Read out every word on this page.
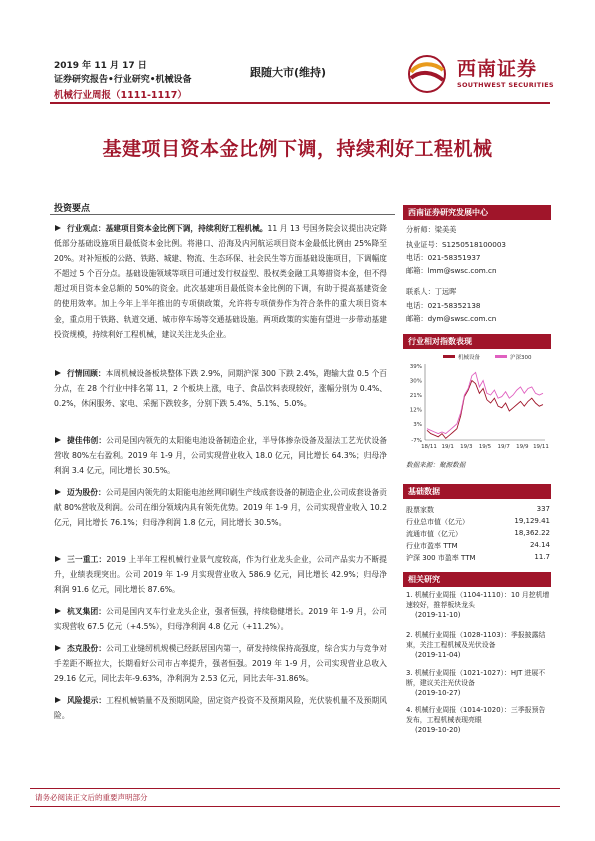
2019 年 11 月 17 日
证券研究报告•行业研究•机械设备
机械行业周报（1111-1117）
跟随大市(维持)	西南证券
SOUTHWEST SECURITIES
基建项目资本金比例下调，持续利好工程机械
投资要点
行业观点：基建项目资本金比例下调，持续利好工程机械。11 月 13 号国务院会议提出决定降低部分基础设施项目最低资本金比例。将港口、沿海及内河航运项目资本金最低比例由 25%降至 20%。对补短板的公路、铁路、城建、物流、生态环保、社会民生等方面基础设施项目，下调幅度不超过 5 个百分点。基础设施领域等项目可通过发行权益型、股权类金融工具筹措资本金，但不得超过项目资本金总额的 50%的资金。此次基建项目最低资本金比例的下调，有助于提高基建资金的使用效率。加上今年上半年推出的专项债政策，允许将专项债券作为符合条件的重大项目资本金，重点用于铁路、轨道交通、城市停车场等交通基础设施。两项政策的实施有望进一步带动基建投资规模，持续利好工程机械，建议关注龙头企业。
行情回顾：本周机械设备板块整体下跌 2.9%，同期沪深 300 下跌 2.4%，跑输大盘 0.5 个百分点，在 28 个行业中排名第 11，2 个板块上涨，电子、食品饮料表现较好，涨幅分别为 0.4%、0.2%，休闲服务、家电、采掘下跌较多，分别下跌 5.4%、5.1%、5.0%。
捷佳伟创：公司是国内领先的太阳能电池设备制造企业，半导体掺杂设备及湿法工艺光伏设备营收 80%左右盈利。2019 年 1-9 月，公司实现营业收入 18.0 亿元，同比增长 64.3%；归母净利润 3.4 亿元，同比增长 30.5%。
迈为股份：公司是国内领先的太阳能电池丝网印刷生产线成套设备的制造企业,公司成套设备贡献 80%营收及利润。公司在细分领域内具有领先优势。2019 年 1-9 月，公司实现营业收入 10.2 亿元，同比增长 76.1%；归母净利润 1.8 亿元，同比增长 30.5%。
三一重工：2019 上半年工程机械行业景气度较高，作为行业龙头企业，公司产品实力不断提升，业绩表现突出。公司 2019 年 1-9 月实现营业收入 586.9 亿元，同比增长 42.9%；归母净利润 91.6 亿元，同比增长 87.6%。
杭叉集团：公司是国内叉车行业龙头企业，强者恒强，持续稳健增长。2019 年 1-9 月，公司实现营收 67.5 亿元（+4.5%），归母净利润 4.8 亿元（+11.2%）。
杰克股份：公司工业缝纫机规模已经跃居国内第一，研发持续保持高强度，综合实力与竞争对手差距不断拉大，长期看好公司市占率提升，强者恒强。2019 年 1-9 月，公司实现营业总收入 29.16 亿元，同比去年-9.63%，净利润为 2.53 亿元，同比去年-31.86%。
风险提示：工程机械销量不及预期风险，固定资产投资不及预期风险，光伏装机量不及预期风险。
西南证券研究发展中心
分析师：梁美美
执业证号：S1250518100003
电话：021-58351937
邮箱：lmm@swsc.com.cn
联系人：丁远晖
电话：021-58352138
邮箱：dym@swsc.com.cn
行业相对指数表现
机械设备	沪深300
39%
30%
21%
12%
3%
-7%
18/11 19/1 19/3 19/5 19/7 19/9 19/11
数据来源：聚源数据
基础数据
股票家数	337
行业总市值（亿元）	19,129.41
流通市值（亿元）	18,362.22
行业市盈率 TTM	24.14
沪深 300 市盈率 TTM	11.7
相关研究
1. 机械行业周报（1104-1110）：10 月挖机增速较好，推荐板块龙头
(2019-11-10)
2. 机械行业周报（1028-1103）：季报披露结束，关注工程机械及光伏设备
(2019-11-04)
3. 机械行业周报（1021-1027）：HJT 进展不断，建议关注光伏设备
(2019-10-27)
4. 机械行业周报（1014-1020）：三季报预告发布，工程机械表现亮眼
(2019-10-20)
请务必阅读正文后的重要声明部分
